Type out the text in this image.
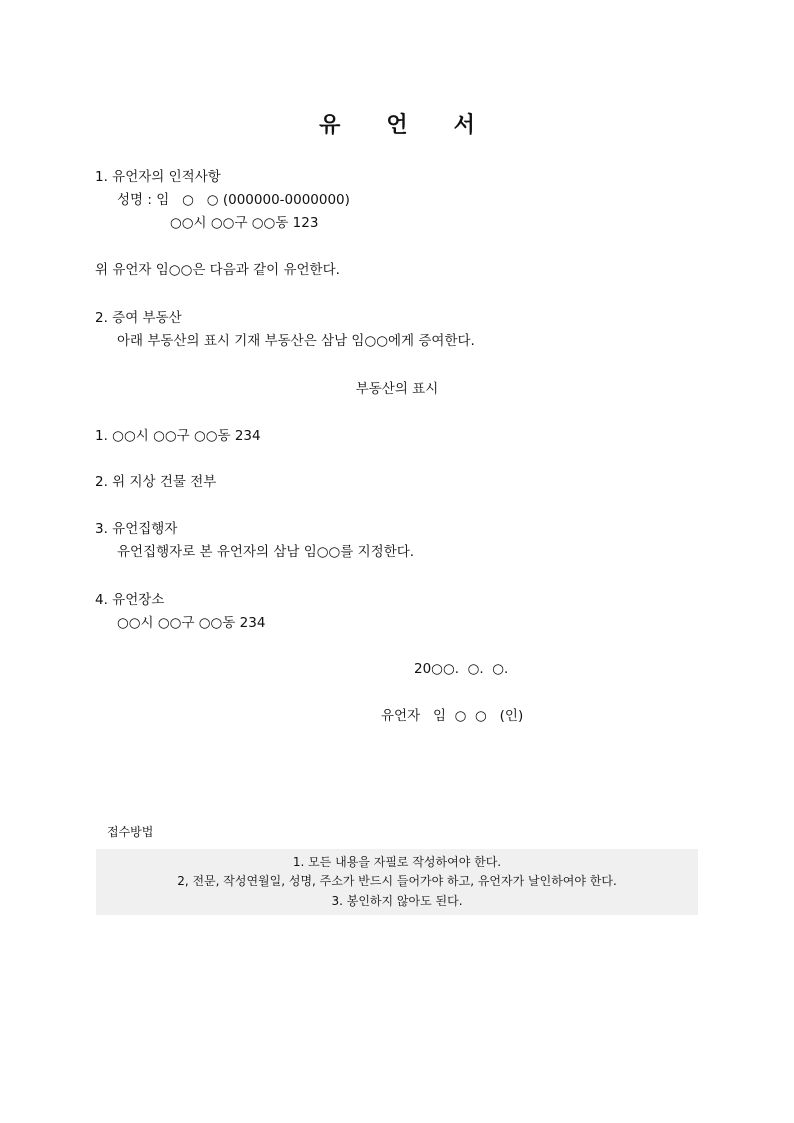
유언서
1. 유언자의 인적사항
성명 : 임   ○   ○ (000000-0000000)
○○시 ○○구 ○○동 123
위 유언자 임○○은 다음과 같이 유언한다.
2. 증여 부동산
아래 부동산의 표시 기재 부동산은 삼남 임○○에게 증여한다.
부동산의 표시
1. ○○시 ○○구 ○○동 234
2. 위 지상 건물 전부
3. 유언집행자
유언집행자로 본 유언자의 삼남 임○○를 지정한다.
4. 유언장소
○○시 ○○구 ○○동 234
20○○.  ○.  ○.
유언자   임  ○  ○   (인)
접수방법
1. 모든 내용을 자필로 작성하여야 한다.
2, 전문, 작성연월일, 성명, 주소가 반드시 들어가야 하고, 유언자가 날인하여야 한다.
3. 봉인하지 않아도 된다.
